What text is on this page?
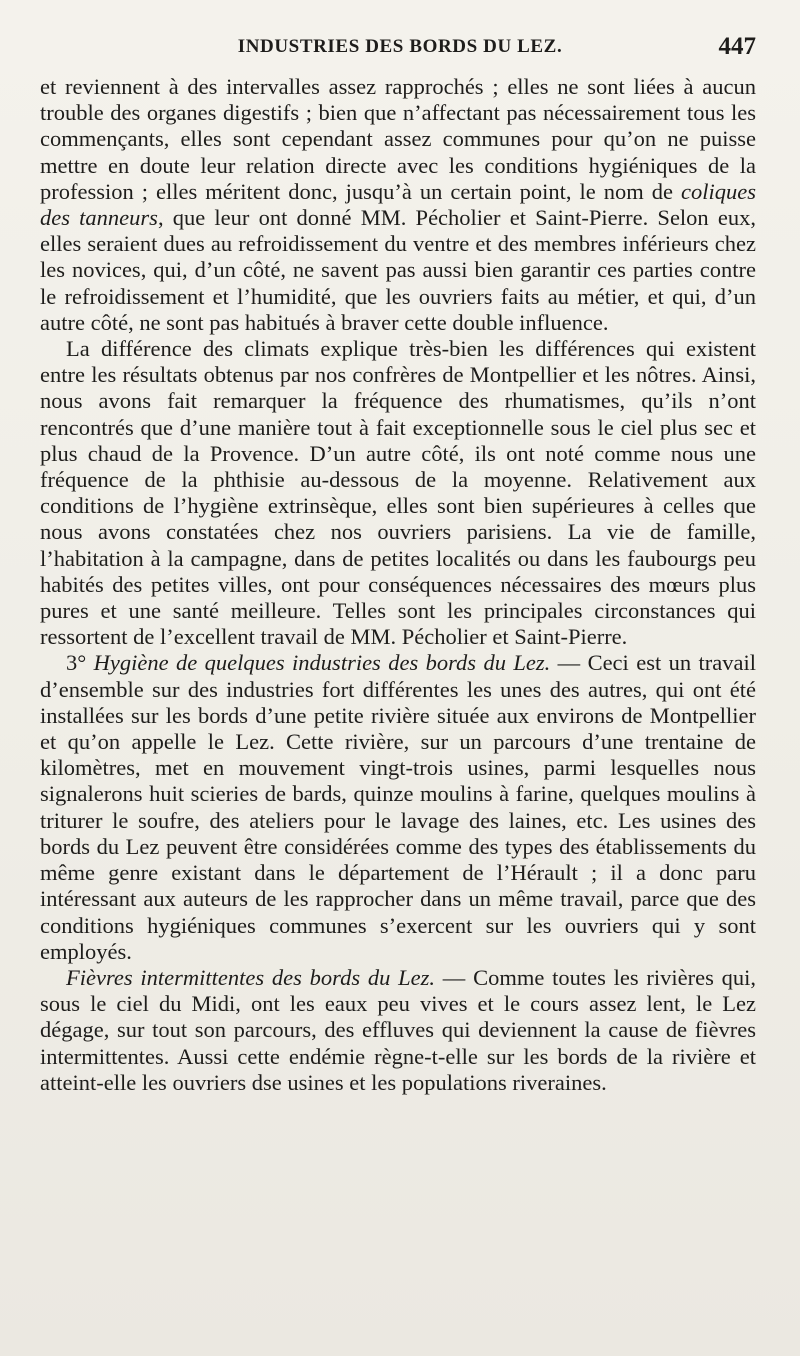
INDUSTRIES DES BORDS DU LEZ.	447

et reviennent à des intervalles assez rapprochés ; elles ne sont liées à aucun trouble des organes digestifs ; bien que n’affectant pas nécessairement tous les commençants, elles sont cependant assez communes pour qu’on ne puisse mettre en doute leur relation directe avec les conditions hygiéniques de la profession ; elles méritent donc, jusqu’à un certain point, le nom de coliques des tanneurs, que leur ont donné MM. Pécholier et Saint-Pierre. Selon eux, elles seraient dues au refroidissement du ventre et des membres inférieurs chez les novices, qui, d’un côté, ne savent pas aussi bien garantir ces parties contre le refroidissement et l’humidité, que les ouvriers faits au métier, et qui, d’un autre côté, ne sont pas habitués à braver cette double influence.

La différence des climats explique très-bien les différences qui existent entre les résultats obtenus par nos confrères de Montpellier et les nôtres. Ainsi, nous avons fait remarquer la fréquence des rhumatismes, qu’ils n’ont rencontrés que d’une manière tout à fait exceptionnelle sous le ciel plus sec et plus chaud de la Provence. D’un autre côté, ils ont noté comme nous une fréquence de la phthisie au-dessous de la moyenne. Relativement aux conditions de l’hygiène extrinsèque, elles sont bien supérieures à celles que nous avons constatées chez nos ouvriers parisiens. La vie de famille, l’habitation à la campagne, dans de petites localités ou dans les faubourgs peu habités des petites villes, ont pour conséquences nécessaires des mœurs plus pures et une santé meilleure. Telles sont les principales circonstances qui ressortent de l’excellent travail de MM. Pécholier et Saint-Pierre.

3° Hygiène de quelques industries des bords du Lez. — Ceci est un travail d’ensemble sur des industries fort différentes les unes des autres, qui ont été installées sur les bords d’une petite rivière située aux environs de Montpellier et qu’on appelle le Lez. Cette rivière, sur un parcours d’une trentaine de kilomètres, met en mouvement vingt-trois usines, parmi lesquelles nous signalerons huit scieries de bards, quinze moulins à farine, quelques moulins à triturer le soufre, des ateliers pour le lavage des laines, etc. Les usines des bords du Lez peuvent être considérées comme des types des établissements du même genre existant dans le département de l’Hérault ; il a donc paru intéressant aux auteurs de les rapprocher dans un même travail, parce que des conditions hygiéniques communes s’exercent sur les ouvriers qui y sont employés.

Fièvres intermittentes des bords du Lez. — Comme toutes les rivières qui, sous le ciel du Midi, ont les eaux peu vives et le cours assez lent, le Lez dégage, sur tout son parcours, des effluves qui deviennent la cause de fièvres intermittentes. Aussi cette endémie règne-t-elle sur les bords de la rivière et atteint-elle les ouvriers dse usines et les populations riveraines.
